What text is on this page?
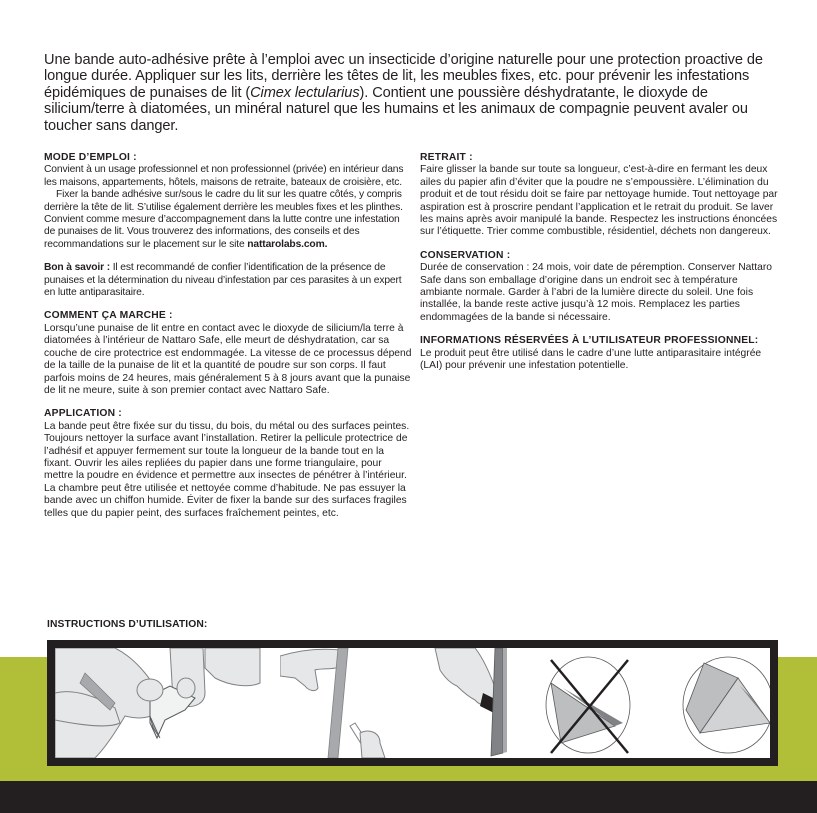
Une bande auto-adhésive prête à l’emploi avec un insecticide d’origine naturelle pour une protection proactive de longue durée. Appliquer sur les lits, derrière les têtes de lit, les meubles fixes, etc. pour prévenir les infestations épidémiques de punaises de lit (Cimex lectularius). Contient une poussière déshydratante, le dioxyde de silicium/terre à diatomées, un minéral naturel que les humains et les animaux de compagnie peuvent avaler ou toucher sans danger.
MODE D’EMPLOI :

Convient à un usage professionnel et non professionnel (privée) en intérieur dans les maisons, appartements, hôtels, maisons de retraite, bateaux de croisière, etc.

Fixer la bande adhésive sur/sous le cadre du lit sur les quatre côtés, y compris derrière la tête de lit. S’utilise également derrière les meubles fixes et les plinthes. Convient comme mesure d’accompagnement dans la lutte contre une infestation de punaises de lit. Vous trouverez des informations, des conseils et des recommandations sur le placement sur le site nattarolabs.com.

Bon à savoir : Il est recommandé de confier l’identification de la présence de punaises et la détermination du niveau d’infestation par ces parasites à un expert en lutte antiparasitaire.

COMMENT ÇA MARCHE :

Lorsqu’une punaise de lit entre en contact avec le dioxyde de silicium/la terre à diatomées à l’intérieur de Nattaro Safe, elle meurt de déshydratation, car sa couche de cire protectrice est endommagée. La vitesse de ce processus dépend de la taille de la punaise de lit et la quantité de poudre sur son corps. Il faut parfois moins de 24 heures, mais généralement 5 à 8 jours avant que la punaise de lit ne meure, suite à son premier contact avec Nattaro Safe.

APPLICATION :

La bande peut être fixée sur du tissu, du bois, du métal ou des surfaces peintes. Toujours nettoyer la surface avant l’installation. Retirer la pellicule protectrice de l’adhésif et appuyer fermement sur toute la longueur de la bande tout en la fixant. Ouvrir les ailes repliées du papier dans une forme triangulaire, pour mettre la poudre en évidence et permettre aux insectes de pénétrer à l’intérieur. La chambre peut être utilisée et nettoyée comme d’habitude. Ne pas essuyer la bande avec un chiffon humide. Éviter de fixer la bande sur des surfaces fragiles telles que du papier peint, des surfaces fraîchement peintes, etc.

RETRAIT :

Faire glisser la bande sur toute sa longueur, c’est-à-dire en fermant les deux ailes du papier afin d’éviter que la poudre ne s’empoussière. L’élimination du produit et de tout résidu doit se faire par nettoyage humide. Tout nettoyage par aspiration est à proscrire pendant l’application et le retrait du produit. Se laver les mains après avoir manipulé la bande. Respectez les instructions énoncées sur l’étiquette. Trier comme combustible, résidentiel, déchets non dangereux.

CONSERVATION :

Durée de conservation : 24 mois, voir date de péremption. Conserver Nattaro Safe dans son emballage d’origine dans un endroit sec à température ambiante normale. Garder à l’abri de la lumière directe du soleil. Une fois installée, la bande reste active jusqu’à 12 mois. Remplacez les parties endommagées de la bande si nécessaire.

INFORMATIONS RÉSERVÉES À L’UTILISATEUR PROFESSIONNEL:

Le produit peut être utilisé dans le cadre d’une lutte antiparasitaire intégrée (LAI) pour prévenir une infestation potentielle.

INSTRUCTIONS D’UTILISATION:
